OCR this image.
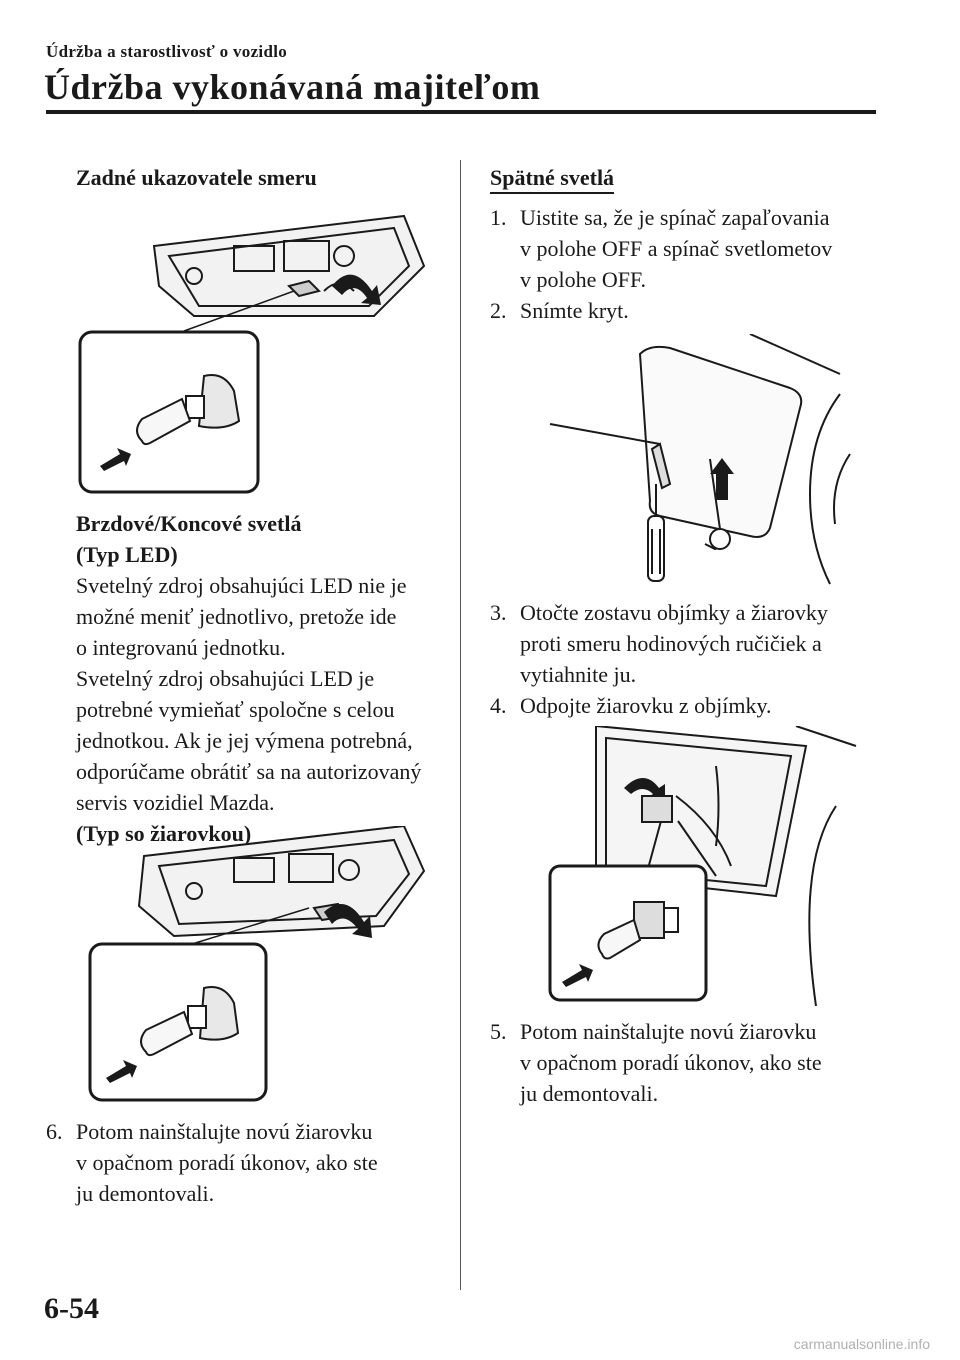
Údržba a starostlivosť o vozidlo
Údržba vykonávaná majiteľom
Zadné ukazovatele smeru
Brzdové/Koncové svetlá
(Typ LED)
Svetelný zdroj obsahujúci LED nie je
možné meniť jednotlivo, pretože ide
o integrovanú jednotku.
Svetelný zdroj obsahujúci LED je
potrebné vymieňať spoločne s celou
jednotkou. Ak je jej výmena potrebná,
odporúčame obrátiť sa na autorizovaný
servis vozidiel Mazda.
(Typ so žiarovkou)
6. Potom nainštalujte novú žiarovku
v opačnom poradí úkonov, ako ste
ju demontovali.
Spätné svetlá
1. Uistite sa, že je spínač zapaľovania
v polohe OFF a spínač svetlometov
v polohe OFF.
2. Snímte kryt.
3. Otočte zostavu objímky a žiarovky
proti smeru hodinových ručičiek a
vytiahnite ju.
4. Odpojte žiarovku z objímky.
5. Potom nainštalujte novú žiarovku
v opačnom poradí úkonov, ako ste
ju demontovali.
6-54
carmanualsonline.info
